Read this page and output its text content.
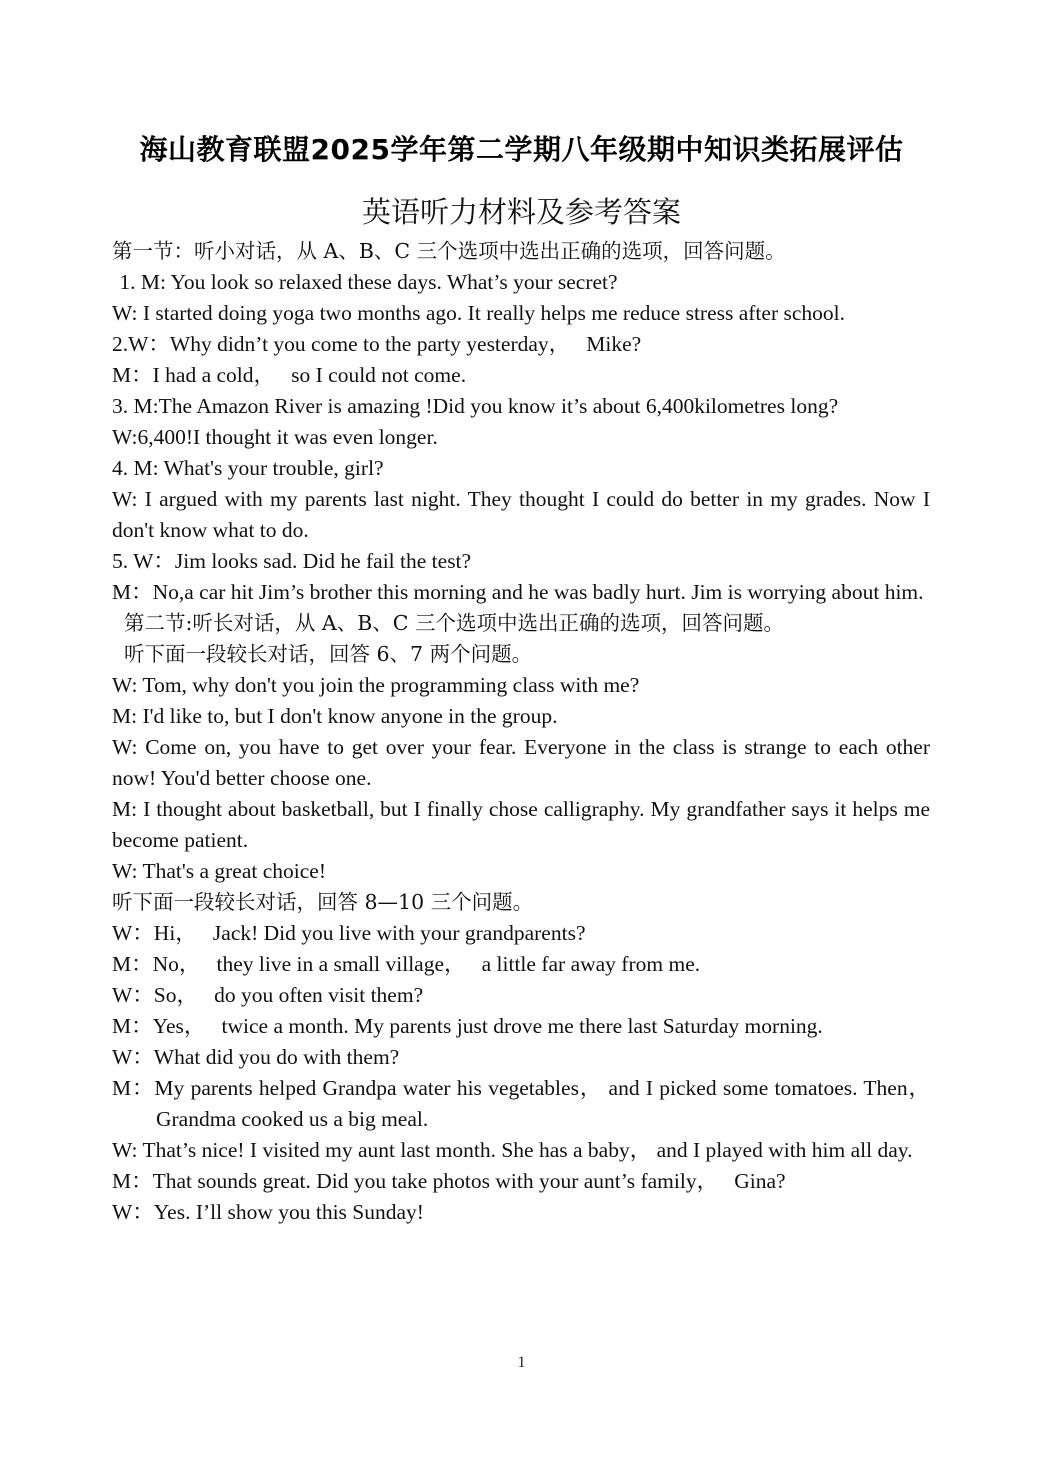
海山教育联盟2025学年第二学期八年级期中知识类拓展评估
英语听力材料及参考答案

第一节：听小对话，从 A、B、C 三个选项中选出正确的选项，回答问题。

1. M: You look so relaxed these days. What’s your secret?

W: I started doing yoga two months ago. It really helps me reduce stress after school.

2.W：Why didn’t you come to the party yesterday，   Mike?

M：I had a cold，   so I could not come.

3. M:The Amazon River is amazing !Did you know it’s about 6,400kilometres long?

W:6,400!I thought it was even longer.

4. M: What's your trouble, girl?

W: I argued with my parents last night. They thought I could do better in my grades. Now I don't know what to do.

5. W：Jim looks sad. Did he fail the test?

M：No,a car hit Jim’s brother this morning and he was badly hurt. Jim is worrying about him.

第二节:听长对话，从 A、B、C 三个选项中选出正确的选项，回答问题。

听下面一段较长对话，回答 6、7 两个问题。

W: Tom, why don't you join the programming class with me?

M: I'd like to, but I don't know anyone in the group.

W: Come on, you have to get over your fear. Everyone in the class is strange to each other now! You'd better choose one.

M: I thought about basketball, but I finally chose calligraphy. My grandfather says it helps me become patient.

W: That's a great choice!

听下面一段较长对话，回答 8—10 三个问题。

W：Hi，   Jack! Did you live with your grandparents?

M：No，   they live in a small village，   a little far away from me.

W：So，   do you often visit them?

M：Yes，   twice a month. My parents just drove me there last Saturday morning.

W：What did you do with them?

M：My parents helped Grandpa water his vegetables， and I picked some tomatoes. Then， Grandma cooked us a big meal.

W: That’s nice! I visited my aunt last month. She has a baby， and I played with him all day.

M：That sounds great. Did you take photos with your aunt’s family，   Gina?

W：Yes. I’ll show you this Sunday!

1
